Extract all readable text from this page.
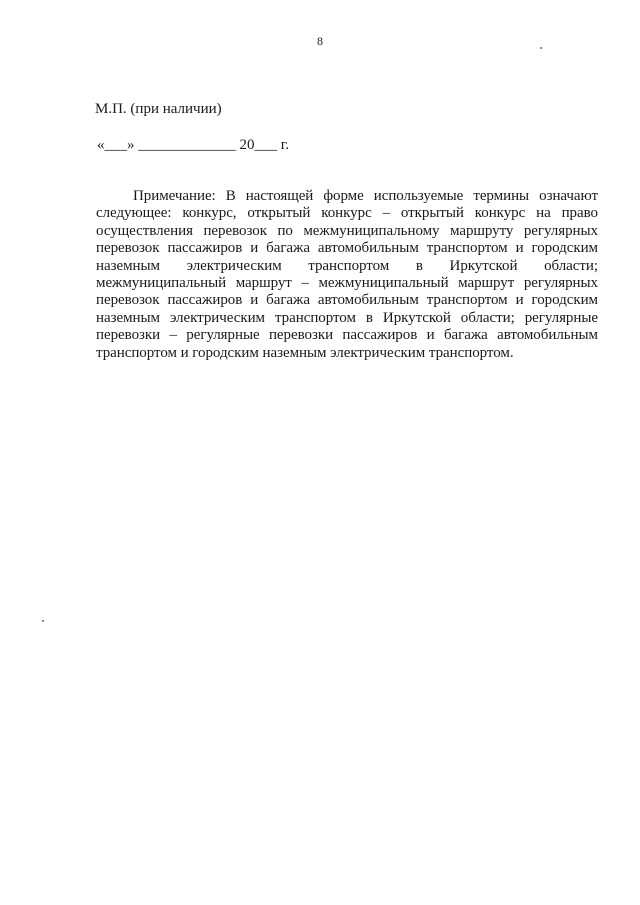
8
М.П. (при наличии)
«___» _____________ 20___ г.

Примечание: В настоящей форме используемые термины означают следующее: конкурс, открытый конкурс – открытый конкурс на право осуществления перевозок по межмуниципальному маршруту регулярных перевозок пассажиров и багажа автомобильным транспортом и городским наземным электрическим транспортом в Иркутской области; межмуниципальный маршрут – межмуниципальный маршрут регулярных перевозок пассажиров и багажа автомобильным транспортом и городским наземным электрическим транспортом в Иркутской области; регулярные перевозки – регулярные перевозки пассажиров и багажа автомобильным транспортом и городским наземным электрическим транспортом.
